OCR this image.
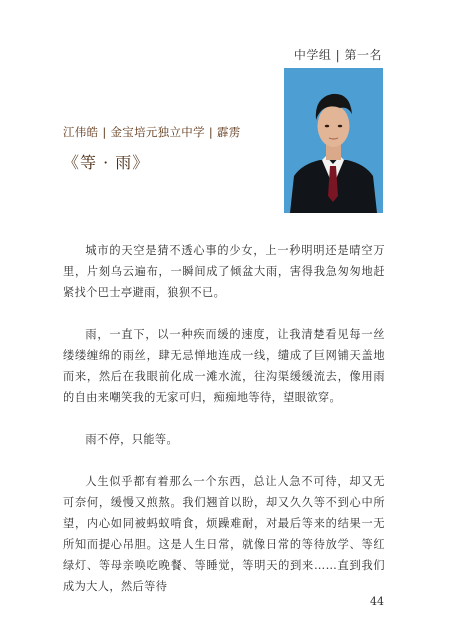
中学组 | 第一名
江伟皓 | 金宝培元独立中学 | 霹雳
《等 · 雨》

城市的天空是猜不透心事的少女，上一秒明明还是晴空万里，片刻乌云遍布，一瞬间成了倾盆大雨，害得我急匆匆地赶紧找个巴士亭避雨，狼狈不已。

雨，一直下，以一种疾而缓的速度，让我清楚看见每一丝缕缕缠绵的雨丝，肆无忌惮地连成一线，缱成了巨网铺天盖地而来，然后在我眼前化成一滩水流，往沟渠缓缓流去，像用雨的自由来嘲笑我的无家可归，痴痴地等待，望眼欲穿。

雨不停，只能等。

人生似乎都有着那么一个东西，总让人急不可待，却又无可奈何，缓慢又煎熬。我们翘首以盼，却又久久等不到心中所望，内心如同被蚂蚁啃食，烦躁难耐，对最后等来的结果一无所知而提心吊胆。这是人生日常，就像日常的等待放学、等红绿灯、等母亲唤吃晚餐、等睡觉，等明天的到来……直到我们成为大人，然后等待

44
